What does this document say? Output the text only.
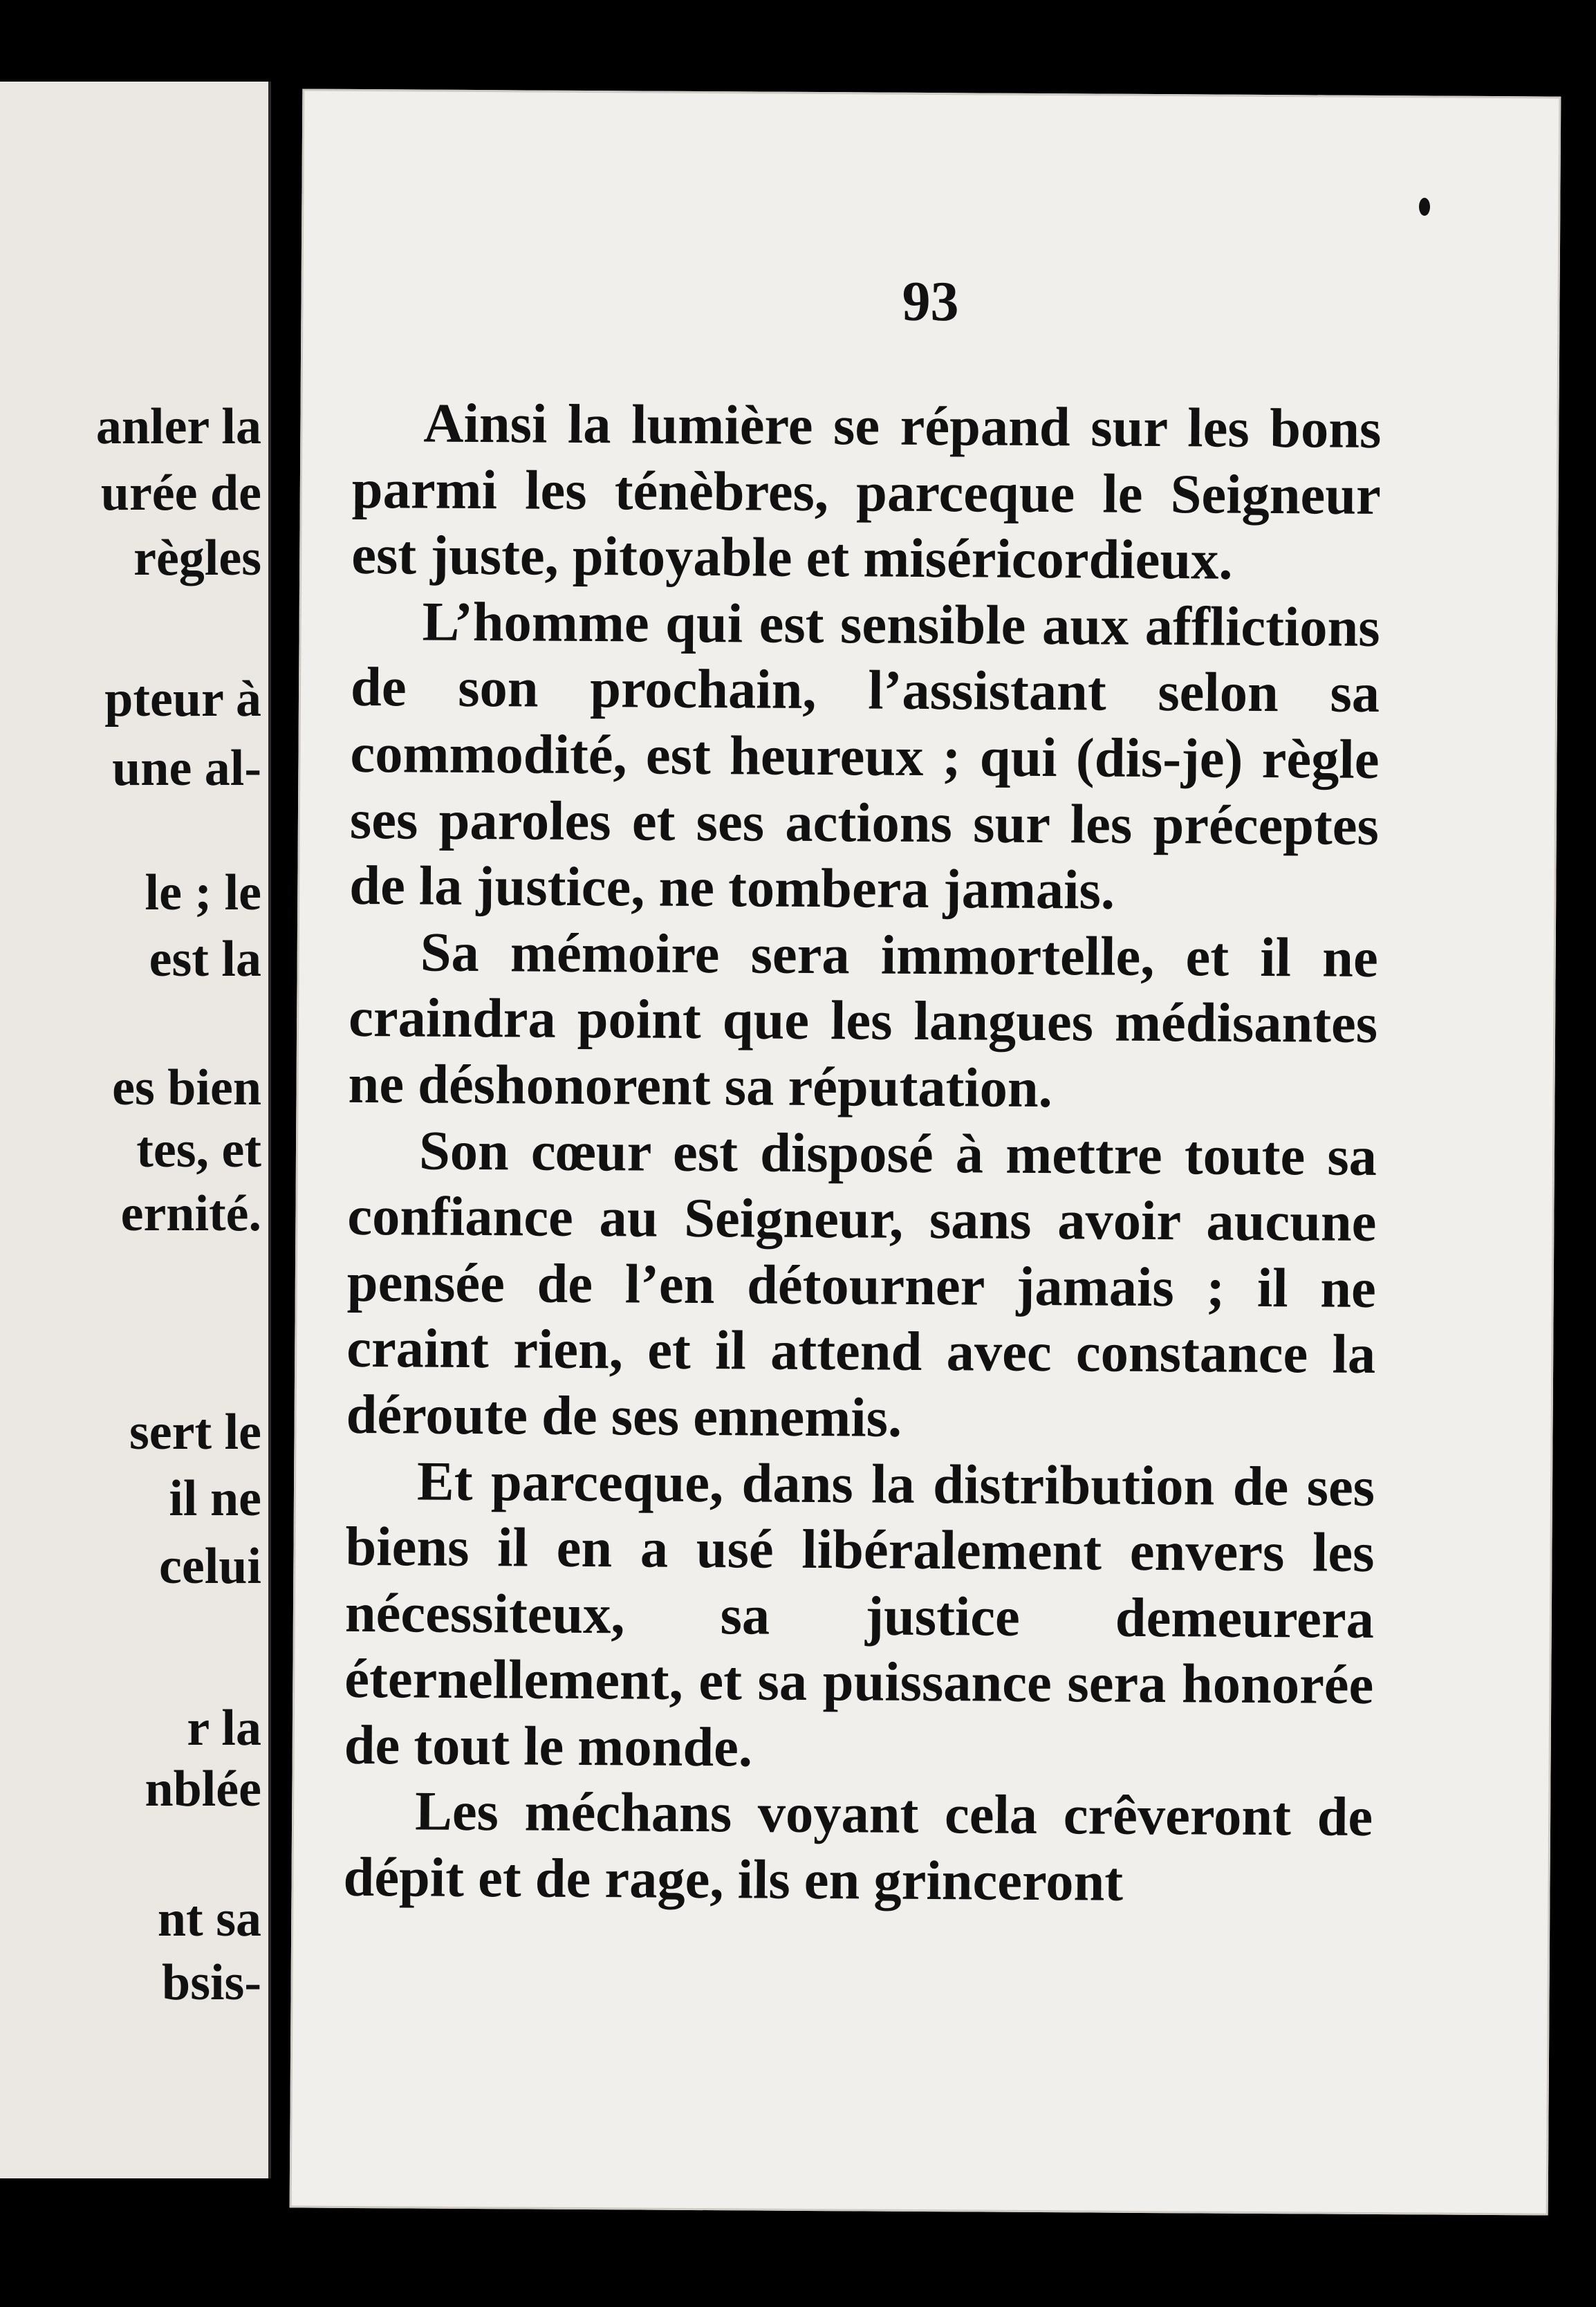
anler la
urée de
règles
pteur à
une al-
le ; le
est la
es bien
tes, et
ernité.
sert le
il ne
celui
r la
nblée
nt sa
bsis-
93

Ainsi la lumière se répand sur les bons parmi les ténèbres, parceque le Seigneur est juste, pitoyable et miséricordieux.

L’homme qui est sensible aux afflictions de son prochain, l’assistant selon sa commodité, est heureux ; qui (dis-je) règle ses paroles et ses actions sur les préceptes de la justice, ne tombera jamais.

Sa mémoire sera immortelle, et il ne craindra point que les langues médisantes ne déshonorent sa réputation.

Son cœur est disposé à mettre toute sa confiance au Seigneur, sans avoir aucune pensée de l’en détourner jamais ; il ne craint rien, et il attend avec constance la déroute de ses ennemis.

Et parceque, dans la distribution de ses biens il en a usé libéralement envers les nécessiteux, sa justice demeurera éternellement, et sa puissance sera honorée de tout le monde.

Les méchans voyant cela crêveront de dépit et de rage, ils en grinceront
